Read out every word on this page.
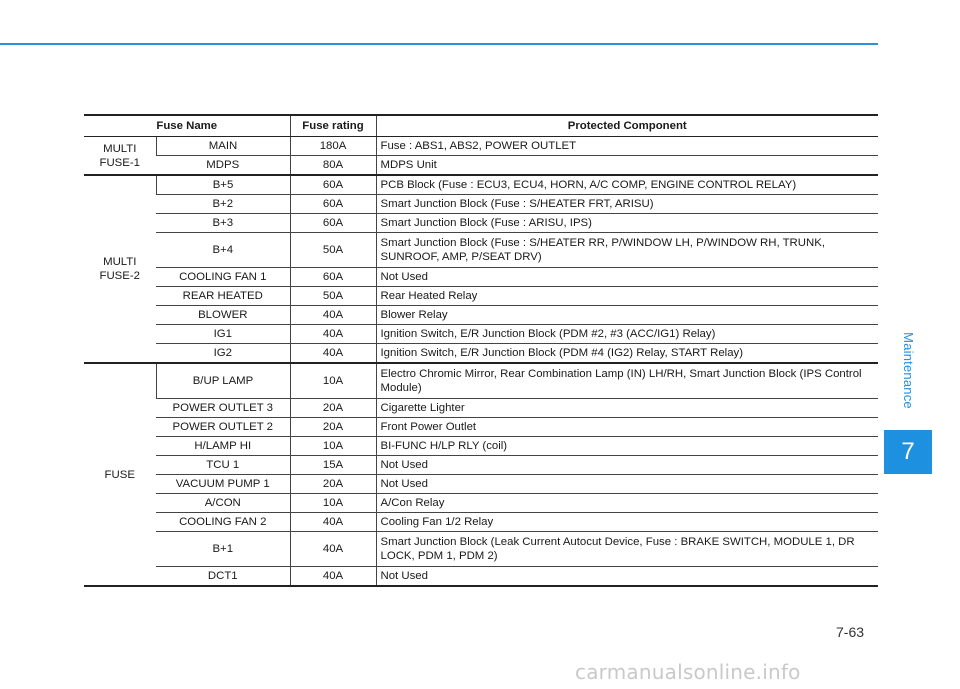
Fuse Name		Fuse rating	Protected Component
MULTI FUSE-1	MAIN	180A	Fuse : ABS1, ABS2, POWER OUTLET
	MDPS	80A	MDPS Unit
MULTI FUSE-2	B+5	60A	PCB Block (Fuse : ECU3, ECU4, HORN, A/C COMP, ENGINE CONTROL RELAY)
	B+2	60A	Smart Junction Block (Fuse : S/HEATER FRT, ARISU)
	B+3	60A	Smart Junction Block (Fuse : ARISU, IPS)
	B+4	50A	Smart Junction Block (Fuse : S/HEATER RR, P/WINDOW LH, P/WINDOW RH, TRUNK, SUNROOF, AMP, P/SEAT DRV)
	COOLING FAN 1	60A	Not Used
	REAR HEATED	50A	Rear Heated Relay
	BLOWER	40A	Blower Relay
	IG1	40A	Ignition Switch, E/R Junction Block (PDM #2, #3 (ACC/IG1) Relay)
	IG2	40A	Ignition Switch, E/R Junction Block (PDM #4 (IG2) Relay, START Relay)
FUSE	B/UP LAMP	10A	Electro Chromic Mirror, Rear Combination Lamp (IN) LH/RH, Smart Junction Block (IPS Control Module)
	POWER OUTLET 3	20A	Cigarette Lighter
	POWER OUTLET 2	20A	Front Power Outlet
	H/LAMP HI	10A	BI-FUNC H/LP RLY (coil)
	TCU 1	15A	Not Used
	VACUUM PUMP 1	20A	Not Used
	A/CON	10A	A/Con Relay
	COOLING FAN 2	40A	Cooling Fan 1/2 Relay
	B+1	40A	Smart Junction Block (Leak Current Autocut Device, Fuse : BRAKE SWITCH, MODULE 1, DR LOCK, PDM 1, PDM 2)
	DCT1	40A	Not Used
Maintenance
7
7-63
carmanualsonline.info
